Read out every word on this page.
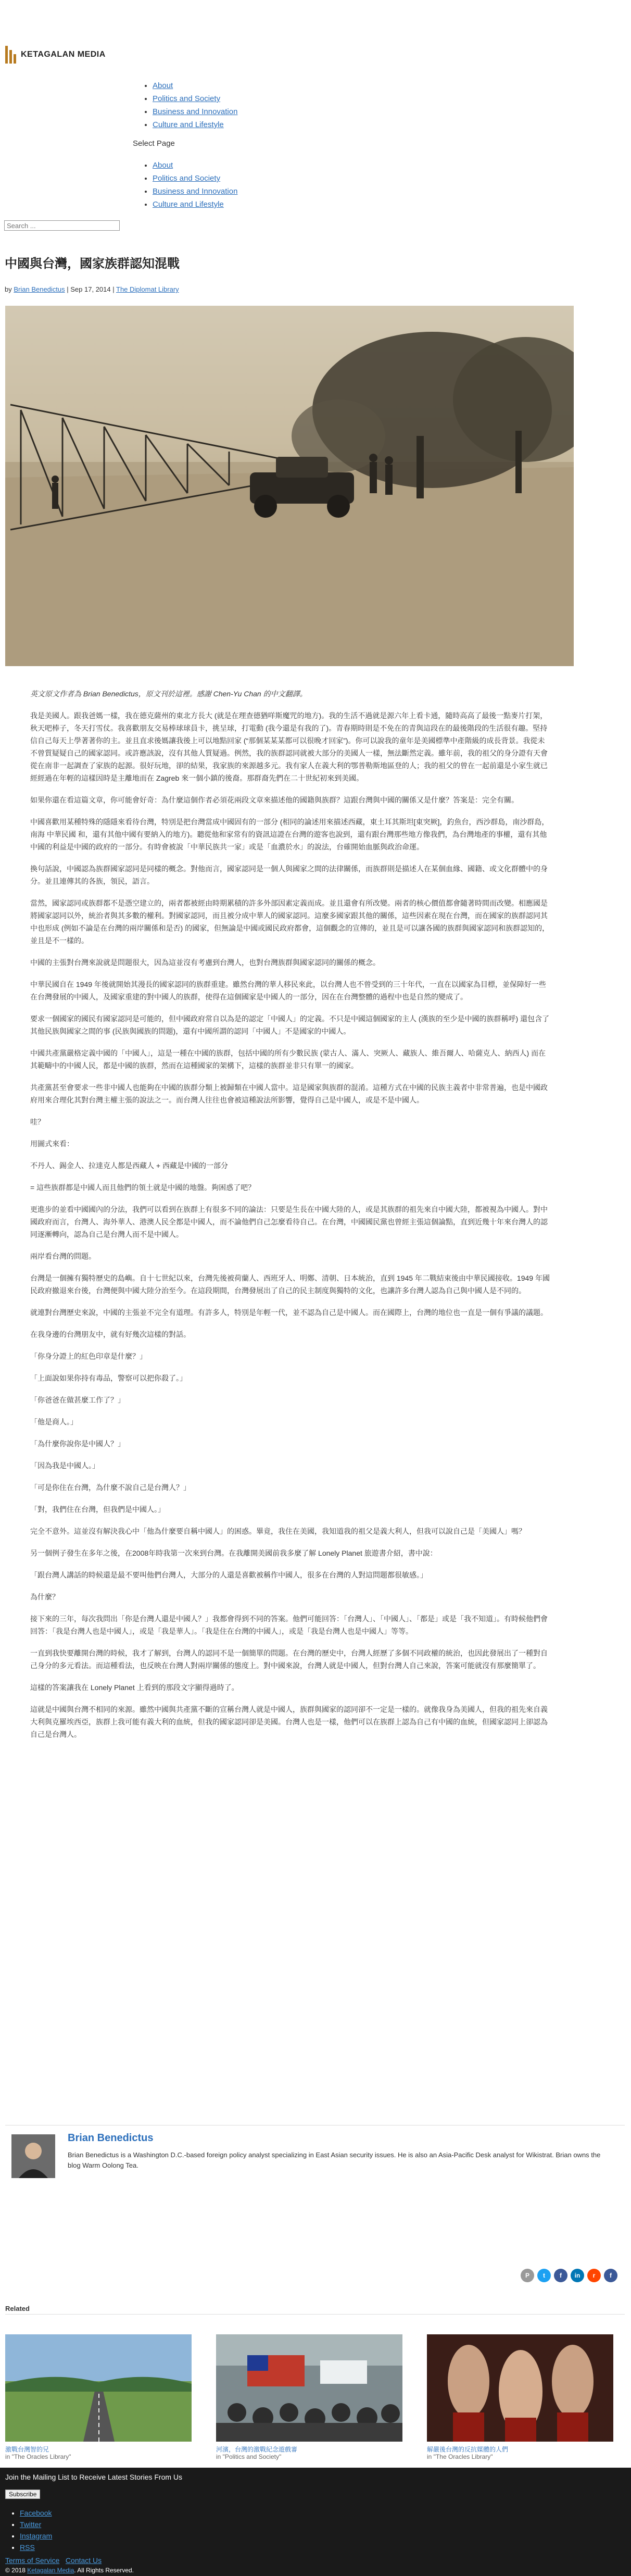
KETAGALAN MEDIA
• About
• Politics and Society
• Business and Innovation
• Culture and Lifestyle
Select Page
• About
• Politics and Society
• Business and Innovation
• Culture and Lifestyle
Search ...
中國與台灣，國家族群認知混戰
by Brian Benedictus | Sep 17, 2014 | The Diplomat Library

英文原文作者為 Brian Benedictus，原文刊於這裡。感謝 Chen-Yu Chan 的中文翻譯。

我是美國人。跟我爸媽一樣，我在德克薩州的東北方長大 (就是在理查德猶咩斯魔咒的地方)。我的生活不過就是源六年上看卡通，隨時高高了最後一點麥片打架，秋天吧棒子，冬天打雪仗。我喜歡朋友交易棒球球員卡，挑呈球，打電動 (我今還是有我的了)。青春期時則是不免在的青與這段在的最後階段的生活很有趣。堅持信自己每天上學著著你的主。並且直求後媽讓我後上可以地點回家 (“那個某某某都可以很晚才回家”)。你可以說我的童年是美國標準中產階級的成長背景。我從未不曾質疑疑自己的國家認同。或許應該說，沒有其他人質疑過。例然，我的族群認同就被大部分的美國人一樣，無法斷然定義。雖年前，我的祖父的身分證有天會從在南非一起調查了家族的起源。很好玩地，卻的結果，我家族的來源越多元。我有家人在義大利的鄂普勒斯地區登的人；我的祖父的曾在一起前還是小家生就已經經過在年輕的這樣因時是主離地而在 Zagreb 來一個小鎮的後裔。那群裔先們在二十世紀初來到美國。

如果你還在看這篇文章，你可能會好奇：為什麼這個作者必須花兩段文章來描述他的國籍與族群？這跟台灣與中國的關係又是什麼？答案是：完全有關。

中國喜歡用某種特殊的隱隱來看待台灣，特別是把台灣當成中國固有的一部分 (相同的論述用來描述西藏，東土耳其斯坦[東突厥]，釣魚台，西沙群島，南沙群島，南海 中華民國 和，還有其他中國有要納入的地方)。聽從他和家常有的資訊這證在台灣的遊客也說到，還有跟台灣那些地方像我們，為台灣地產的事權，還有其他中國的利益是中國的政府的一部分。有時會被說「中華民族共一家」或是「血濃於水」的說法，台確開始血脈與政治命運。

換句話說，中國認為族群國家認同是同樣的概念。對他而言，國家認同是一個人與國家之間的法律關係，而族群則是描述人在某個血緣、國籍、或文化群體中的身分。並且連傳其的各族，領民，語言。

當然，國家認同或族群都不是憑空建立的，兩者都被經由時期累積的許多外部因素定義而成。並且還會有所改變。兩者的核心價值都會隨著時間而改變。相應國是將國家認同以外，統治者與其多數的權利。對國家認同，而且被分成中華人的國家認同。這麼多國家跟其他的關係，這些因素在現在台灣，而在國家的族群認同其中也形成 (例如不論是在台灣的兩岸關係和是否) 的國家，但無論是中國或國民政府都會，這個觀念的宣傳的，並且是可以讓各國的族群與國家認同和族群認知的，並且是不一樣的。

中國的主張對台灣來說就是問題很大，因為這並沒有考慮到台灣人，也對台灣族群與國家認同的關係的概念。

中華民國自在 1949 年後就開始其漫長的國家認同的族群重建。雖然台灣的華人移民來此，以台灣人也不曾受到的三十年代，一直在以國家為目標，並保障好一些在台灣發展的中國人，及國家重建的對中國人的族群，使得在這個國家是中國人的一部分，因在在台灣整體的過程中也是自然的變成了。

要求一個國家的國民有國家認同是可能的，但中國政府常自以為是的認定「中國人」的定義。不只是中國這個國家的主人 (漢族的至少是中國的族群稱呼) 還包含了其他民族與國家之間的事 (民族與國族的問題)，還有中國所謂的認同「中國人」不是國家的中國人。

中國共產黨嚴格定義中國的「中國人」，這是一種在中國的族群，包括中國的所有少數民族 (蒙古人、滿人、突厥人、藏族人、維吾爾人、哈薩克人、納西人) 而在其範疇中的中國人民，都是中國的族群，然而在這種國家的架構下，這樣的族群並非只有單一的國家。

共產黨甚至會要求一些非中國人也能夠在中國的族群分類上被歸類在中國人當中。這是國家與族群的混淆。這種方式在中國的民族主義者中非常普遍，也是中國政府用來合理化其對台灣主權主張的說法之一。而台灣人往往也會被這種說法所影響，覺得自己是中國人，或是不是中國人。

哇？

用圖式來看：

不丹人、錫金人、拉達克人都是西藏人 + 西藏是中國的一部分

= 這些族群都是中國人而且他們的領土就是中國的地盤。夠困惑了吧？

更進步的並看中國國內的分法，我們可以看到在族群上有很多不同的論法：只要是生長在中國大陸的人，或是其族群的祖先來自中國大陸，都被視為中國人。對中國政府而言，台灣人、海外華人、港澳人民全都是中國人，而不論他們自己怎麼看待自己。在台灣，中國國民黨也曾經主張這個論點，直到近幾十年來台灣人的認同逐漸轉向，認為自己是台灣人而不是中國人。

兩岸看台灣的問題。

台灣是一個擁有獨特歷史的島嶼。自十七世紀以來，台灣先後被荷蘭人、西班牙人、明鄭、清朝、日本統治，直到 1945 年二戰結束後由中華民國接收。1949 年國民政府撤退來台後，台灣便與中國大陸分治至今。在這段期間，台灣發展出了自己的民主制度與獨特的文化，也讓許多台灣人認為自己與中國人是不同的。

就連對台灣歷史來說，中國的主張並不完全有道理。有許多人，特別是年輕一代，並不認為自己是中國人。而在國際上，台灣的地位也一直是一個有爭議的議題。

在我身邊的台灣朋友中，就有好幾次這樣的對話。

「你身分證上的紅色印章是什麼？」

「上面說如果你持有毒品，警察可以把你殺了。」

「你爸爸在做甚麼工作了？」

「他是商人。」

「為什麼你說你是中國人？」

「因為我是中國人。」

「可是你住在台灣，為什麼不說自己是台灣人？」

「對，我們住在台灣，但我們是中國人。」

完全不意外。這並沒有解決我心中「他為什麼要自稱中國人」的困惑。畢竟，我住在美國，我知道我的祖父是義大利人，但我可以說自己是「美國人」嗎？

另一個例子發生在多年之後，在2008年時我第一次來到台灣。在我離開美國前我多麼了解 Lonely Planet 旅遊書介紹，書中說：

「跟台灣人講話的時候還是最不要叫他們台灣人，大部分的人還是喜歡被稱作中國人，很多在台灣的人對這問題都很敏感。」

為什麼？

接下來的三年，每次我問出「你是台灣人還是中國人？」我都會得到不同的答案。他們可能回答：「台灣人」、「中國人」、「都是」或是「我不知道」。有時候他們會回答：「我是台灣人也是中國人」，或是「我是華人」。「我是住在台灣的中國人」，或是「我是台灣人也是中國人」等等。

一直到我快要離開台灣的時候，我才了解到，台灣人的認同不是一個簡單的問題。在台灣的歷史中，台灣人經歷了多個不同政權的統治，也因此發展出了一種對自己身分的多元看法。而這種看法，也反映在台灣人對兩岸關係的態度上。對中國來說，台灣人就是中國人，但對台灣人自己來說，答案可能就沒有那麼簡單了。

這樣的答案讓我在 Lonely Planet 上看到的那段文字顯得過時了。

這就是中國與台灣不相同的來源。雖然中國與共產黨不斷的宣稱台灣人就是中國人，族群與國家的認同卻不一定是一樣的。就像我身為美國人，但我的祖先來自義大利與克羅埃西亞，族群上我可能有義大利的血統，但我的國家認同卻是美國。台灣人也是一樣，他們可以在族群上認為自己有中國的血統，但國家認同上卻認為自己是台灣人。

Brian Benedictus
Brian Benedictus is a Washington D.C.-based foreign policy analyst specializing in East Asian security issues. He is also an Asia-Pacific Desk analyst for Wikistrat. Brian owns the blog Warm Oolong Tea.
P	t	f	in	r	f
Related
激戰台灣智的兄
in "The Oracles Library"
河濱，台灣的激戰紀念遊戲審
in "Politics and Society"
解嚴後台灣的反抗媒體的人們
in "The Oracles Library"
Join the Mailing List to Receive Latest Stories From Us
Subscribe
• Facebook
• Twitter
• Instagram
• RSS
Terms of Service Contact Us
© 2018 Ketagalan Media. All Rights Reserved.
